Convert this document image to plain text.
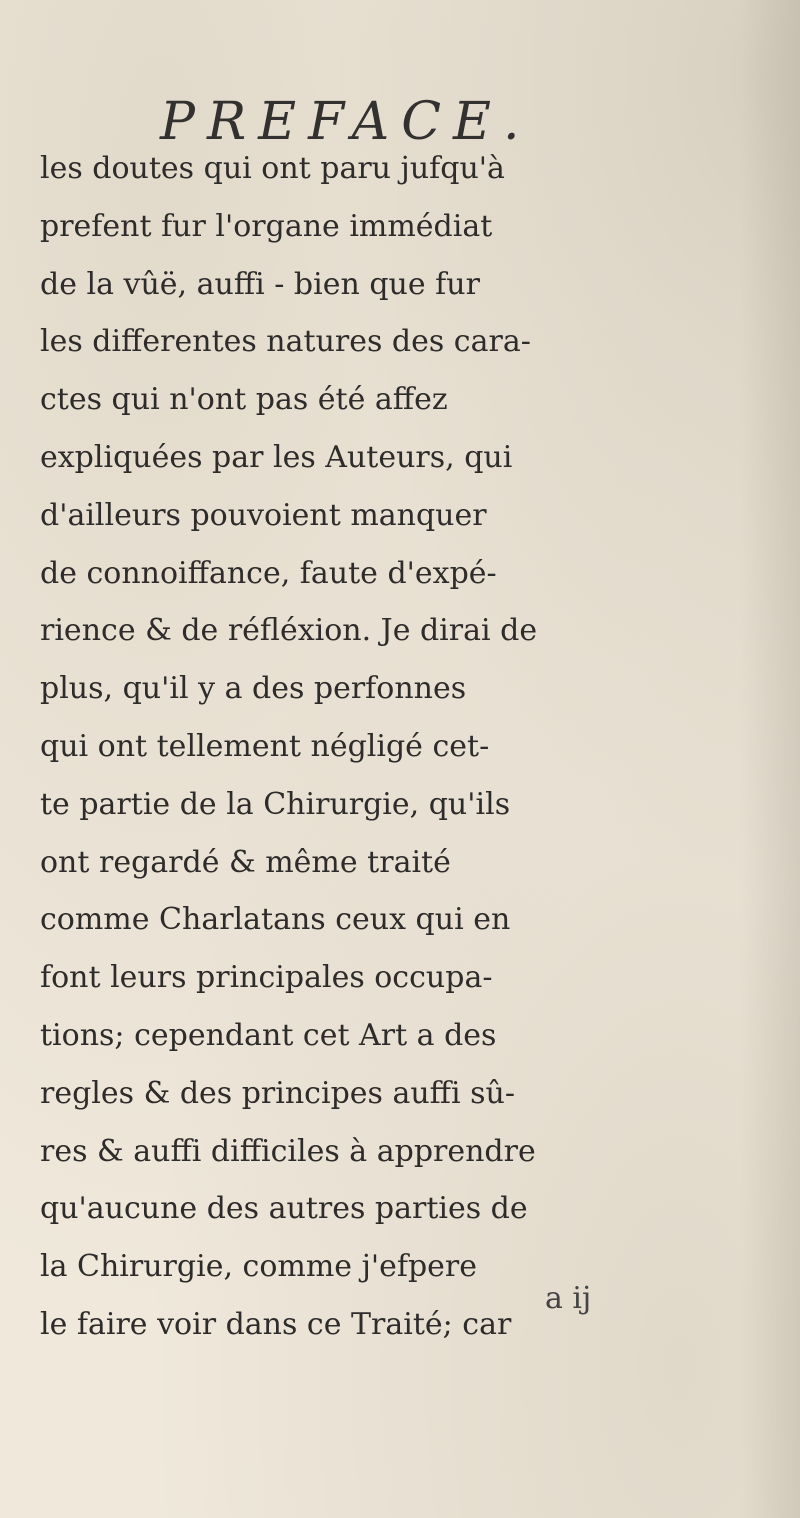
PREFACE.
les doutes qui ont paru jufqu'à
prefent fur l'organe immédiat
de la vûë, auffi - bien que fur
les differentes natures des cara-
ctes qui n'ont pas été affez
expliquées par les Auteurs, qui
d'ailleurs pouvoient manquer
de connoiffance, faute d'expé-
rience & de réfléxion. Je dirai de
plus, qu'il y a des perfonnes
qui ont tellement négligé cet-
te partie de la Chirurgie, qu'ils
ont regardé & même traité
comme Charlatans ceux qui en
font leurs principales occupa-
tions; cependant cet Art a des
regles & des principes auffi sû-
res & auffi difficiles à apprendre
qu'aucune des autres parties de
la Chirurgie, comme j'efpere
le faire voir dans ce Traité; car
a ij
